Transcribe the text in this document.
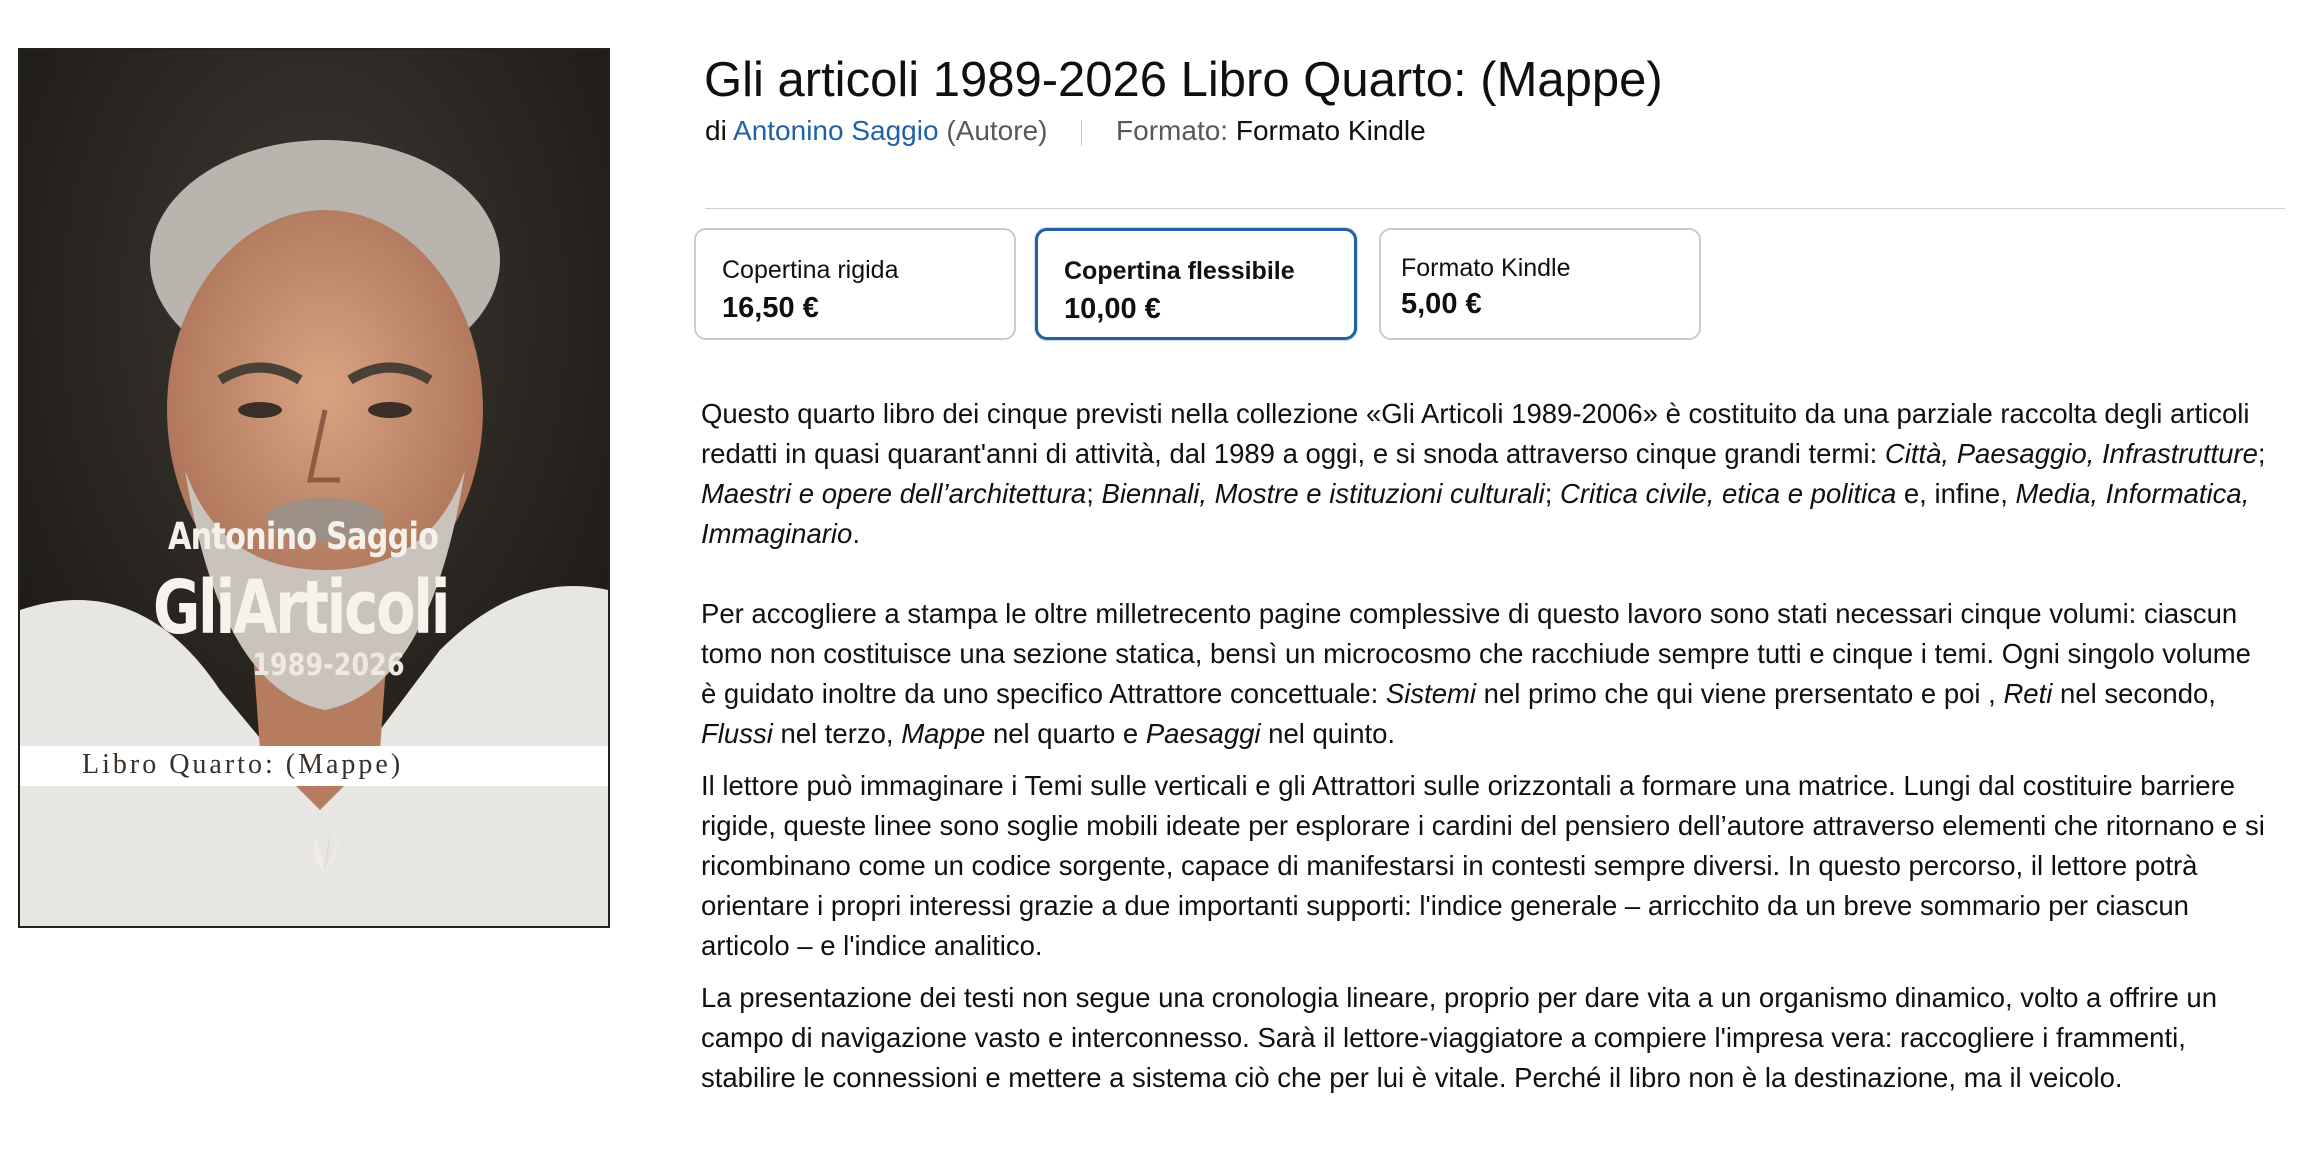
Antonino Saggio
GliArticoli
1989-2026
Libro Quarto: (Mappe)
Gli articoli 1989-2026 Libro Quarto: (Mappe)
di Antonino Saggio (Autore) Formato: Formato Kindle
Copertina rigida
16,50 €
Copertina flessibile
10,00 €
Formato Kindle
5,00 €

Questo quarto libro dei cinque previsti nella collezione «Gli Articoli 1989-2006» è costituito da una parziale raccolta degli articoli redatti in quasi quarant'anni di attività, dal 1989 a oggi, e si snoda attraverso cinque grandi termi: Città, Paesaggio, Infrastrutture; Maestri e opere dell’architettura; Biennali, Mostre e istituzioni culturali; Critica civile, etica e politica e, infine, Media, Informatica, Immaginario.

Per accogliere a stampa le oltre milletrecento pagine complessive di questo lavoro sono stati necessari cinque volumi: ciascun tomo non costituisce una sezione statica, bensì un microcosmo che racchiude sempre tutti e cinque i temi. Ogni singolo volume è guidato inoltre da uno specifico Attrattore concettuale: Sistemi nel primo che qui viene prersentato e poi , Reti nel secondo, Flussi nel terzo, Mappe nel quarto e Paesaggi nel quinto.

Il lettore può immaginare i Temi sulle verticali e gli Attrattori sulle orizzontali a formare una matrice. Lungi dal costituire barriere rigide, queste linee sono soglie mobili ideate per esplorare i cardini del pensiero dell’autore attraverso elementi che ritornano e si ricombinano come un codice sorgente, capace di manifestarsi in contesti sempre diversi. In questo percorso, il lettore potrà orientare i propri interessi grazie a due importanti supporti: l'indice generale – arricchito da un breve sommario per ciascun articolo – e l'indice analitico.

La presentazione dei testi non segue una cronologia lineare, proprio per dare vita a un organismo dinamico, volto a offrire un campo di navigazione vasto e interconnesso. Sarà il lettore-viaggiatore a compiere l'impresa vera: raccogliere i frammenti, stabilire le connessioni e mettere a sistema ciò che per lui è vitale. Perché il libro non è la destinazione, ma il veicolo.
